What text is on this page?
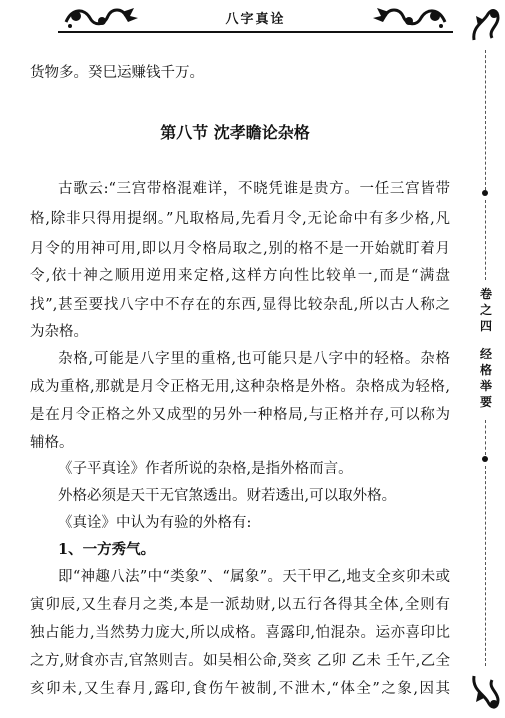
八字真诠
卷
之
四
经
格
举
要
货物多。癸巳运赚钱千万。
第八节 沈孝瞻论杂格
古歌云:“三宫带格混难详，不晓凭谁是贵方。一任三宫皆带
格,除非只得用提纲。”凡取格局,先看月令,无论命中有多少格,凡
月令的用神可用,即以月令格局取之,别的格不是一开始就盯着月
令,依十神之顺用逆用来定格,这样方向性比较单一,而是“满盘
找”,甚至要找八字中不存在的东西,显得比较杂乱,所以古人称之
为杂格。
杂格,可能是八字里的重格,也可能只是八字中的轻格。杂格
成为重格,那就是月令正格无用,这种杂格是外格。杂格成为轻格,
是在月令正格之外又成型的另外一种格局,与正格并存,可以称为
辅格。
《子平真诠》作者所说的杂格,是指外格而言。
外格必须是天干无官煞透出。财若透出,可以取外格。
《真诠》中认为有验的外格有:
1、一方秀气。
即“神趣八法”中“类象”、“属象”。天干甲乙,地支全亥卯未或
寅卯辰,又生春月之类,本是一派劫财,以五行各得其全体,全则有
独占能力,当然势力庞大,所以成格。喜露印,怕混杂。运亦喜印比
之方,财食亦吉,官煞则吉。如吴相公命,癸亥 乙卯 乙未 壬午,乙全
亥卯未,又生春月,露印,食伤午被制,不泄木,“体全”之象,因其
